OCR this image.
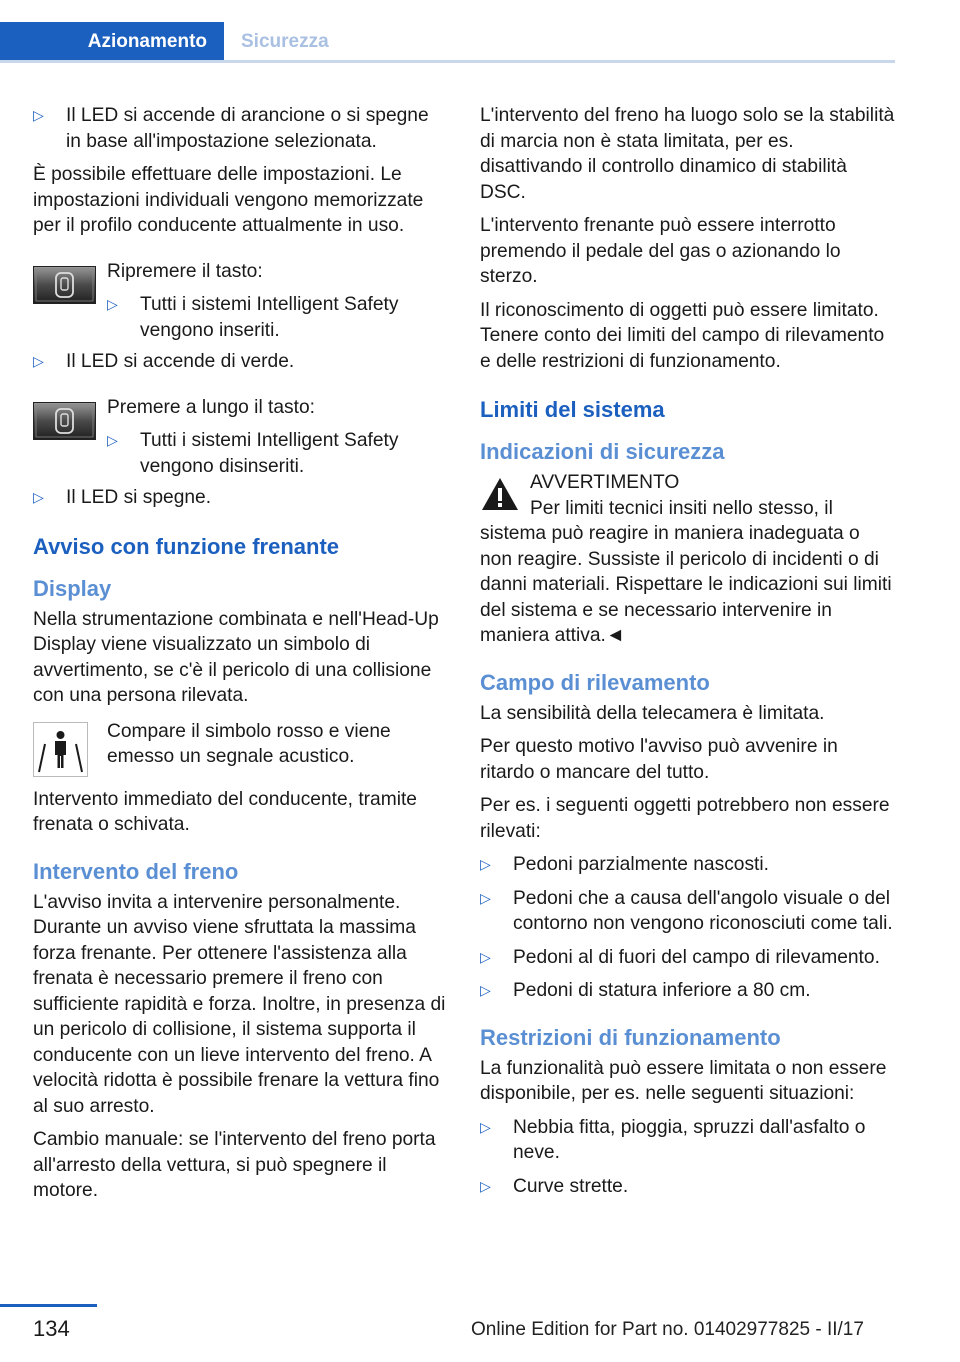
Azionamento	Sicurezza
▷ Il LED si accende di arancione o si spegne in base all'impostazione selezionata.

È possibile effettuare delle impostazioni. Le impostazioni individuali vengono memorizzate per il profilo conducente attualmente in uso.

Ripremere il tasto:
▷ Tutti i sistemi Intelligent Safety vengono inseriti.
▷ Il LED si accende di verde.
Premere a lungo il tasto:
▷ Tutti i sistemi Intelligent Safety vengono disinseriti.
▷ Il LED si spegne.
Avviso con funzione frenante
Display

Nella strumentazione combinata e nell'Head-Up Display viene visualizzato un simbolo di avvertimento, se c'è il pericolo di una collisione con una persona rilevata.

Compare il simbolo rosso e viene emesso un segnale acustico.

Intervento immediato del conducente, tramite frenata o schivata.

Intervento del freno

L'avviso invita a intervenire personalmente. Durante un avviso viene sfruttata la massima forza frenante. Per ottenere l'assistenza alla frenata è necessario premere il freno con sufficiente rapidità e forza. Inoltre, in presenza di un pericolo di collisione, il sistema supporta il conducente con un lieve intervento del freno. A velocità ridotta è possibile frenare la vettura fino al suo arresto.

Cambio manuale: se l'intervento del freno porta all'arresto della vettura, si può spegnere il motore.

L'intervento del freno ha luogo solo se la stabilità di marcia non è stata limitata, per es. disattivando il controllo dinamico di stabilità DSC.

L'intervento frenante può essere interrotto premendo il pedale del gas o azionando lo sterzo.

Il riconoscimento di oggetti può essere limitato. Tenere conto dei limiti del campo di rilevamento e delle restrizioni di funzionamento.

Limiti del sistema
Indicazioni di sicurezza
AVVERTIMENTO

Per limiti tecnici insiti nello stesso, il sistema può reagire in maniera inadeguata o non reagire. Sussiste il pericolo di incidenti o di danni materiali. Rispettare le indicazioni sui limiti del sistema e se necessario intervenire in maniera attiva.◄

Campo di rilevamento

La sensibilità della telecamera è limitata.

Per questo motivo l'avviso può avvenire in ritardo o mancare del tutto.

Per es. i seguenti oggetti potrebbero non essere rilevati:

▷ Pedoni parzialmente nascosti.
▷ Pedoni che a causa dell'angolo visuale o del contorno non vengono riconosciuti come tali.
▷ Pedoni al di fuori del campo di rilevamento.
▷ Pedoni di statura inferiore a 80 cm.
Restrizioni di funzionamento

La funzionalità può essere limitata o non essere disponibile, per es. nelle seguenti situazioni:

▷ Nebbia fitta, pioggia, spruzzi dall'asfalto o neve.
▷ Curve strette.
134	Online Edition for Part no. 01402977825 - II/17
